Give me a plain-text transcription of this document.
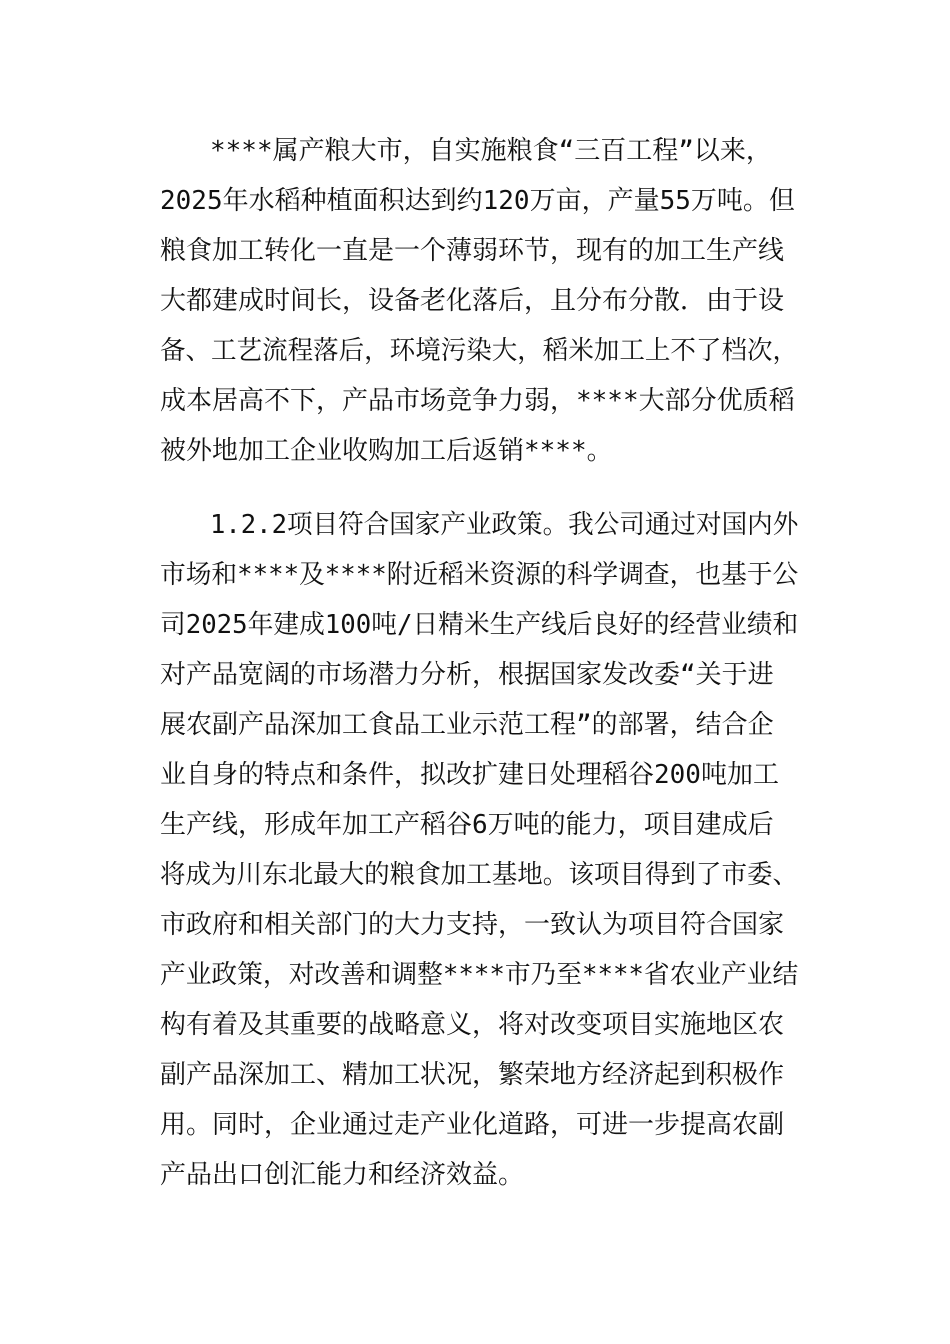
****属产粮大市，自实施粮食“三百工程”以来，
2025年水稻种植面积达到约120万亩，产量55万吨。但
粮食加工转化一直是一个薄弱环节，现有的加工生产线
大都建成时间长，设备老化落后，且分布分散．由于设
备、工艺流程落后，环境污染大，稻米加工上不了档次，
成本居高不下，产品市场竞争力弱，****大部分优质稻
被外地加工企业收购加工后返销****。
1.2.2项目符合国家产业政策。我公司通过对国内外
市场和****及****附近稻米资源的科学调查，也基于公
司2025年建成100吨/日精米生产线后良好的经营业绩和
对产品宽阔的市场潜力分析，根据国家发改委“关于进
展农副产品深加工食品工业示范工程”的部署，结合企
业自身的特点和条件，拟改扩建日处理稻谷200吨加工
生产线，形成年加工产稻谷6万吨的能力，项目建成后
将成为川东北最大的粮食加工基地。该项目得到了市委、
市政府和相关部门的大力支持，一致认为项目符合国家
产业政策，对改善和调整****市乃至****省农业产业结
构有着及其重要的战略意义，将对改变项目实施地区农
副产品深加工、精加工状况，繁荣地方经济起到积极作
用。同时，企业通过走产业化道路，可进一步提高农副
产品出口创汇能力和经济效益。
